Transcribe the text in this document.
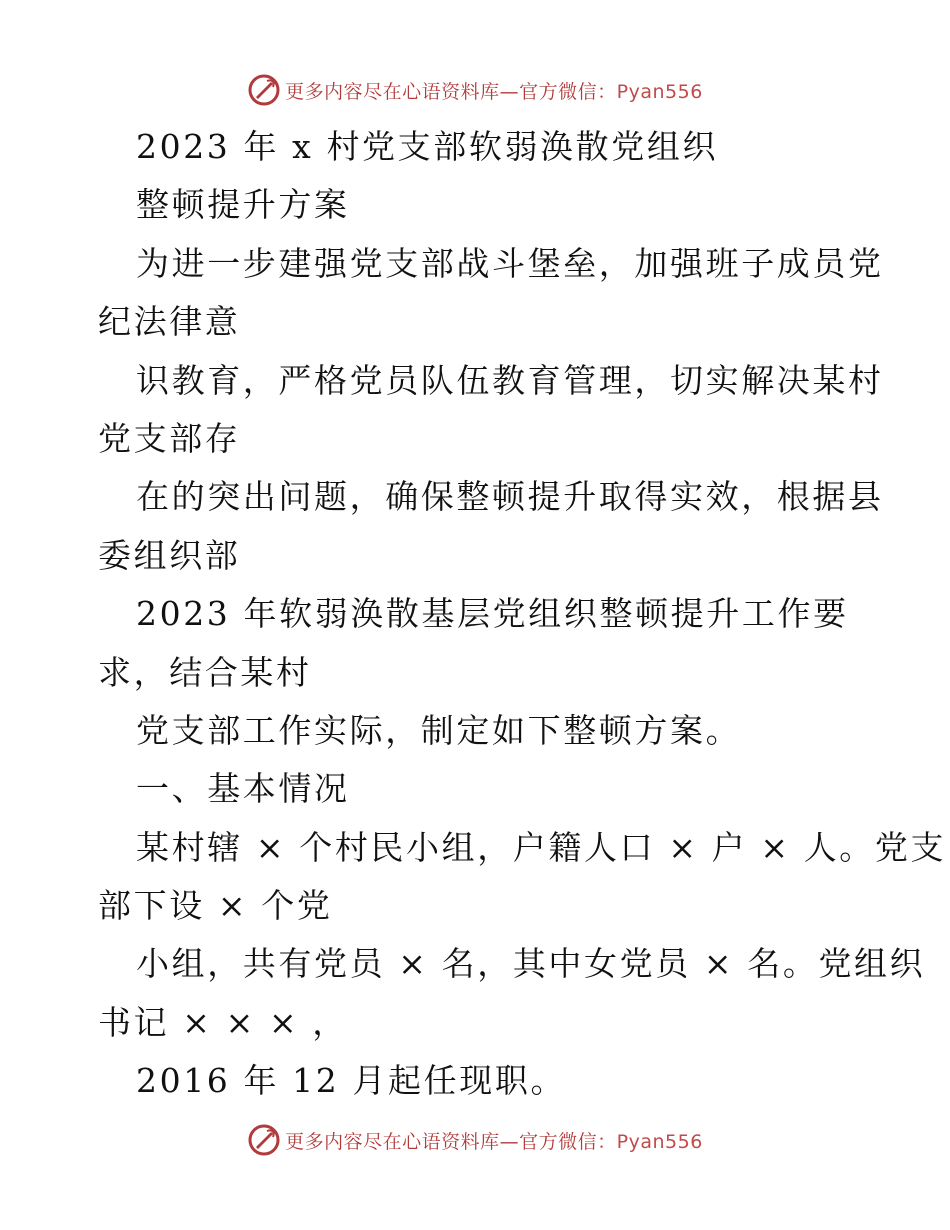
更多内容尽在心语资料库—官方微信：Pyan556
2023 年 x 村党支部软弱涣散党组织
整顿提升方案
为进一步建强党支部战斗堡垒，加强班子成员党
纪法律意
识教育，严格党员队伍教育管理，切实解决某村
党支部存
在的突出问题，确保整顿提升取得实效，根据县
委组织部
2023 年软弱涣散基层党组织整顿提升工作要
求，结合某村
党支部工作实际，制定如下整顿方案。
一、基本情况
某村辖 × 个村民小组，户籍人口 × 户 × 人。党支
部下设 × 个党
小组，共有党员 × 名，其中女党员 × 名。党组织
书记 × × × ，
2016 年 12 月起任现职。
更多内容尽在心语资料库—官方微信：Pyan556
